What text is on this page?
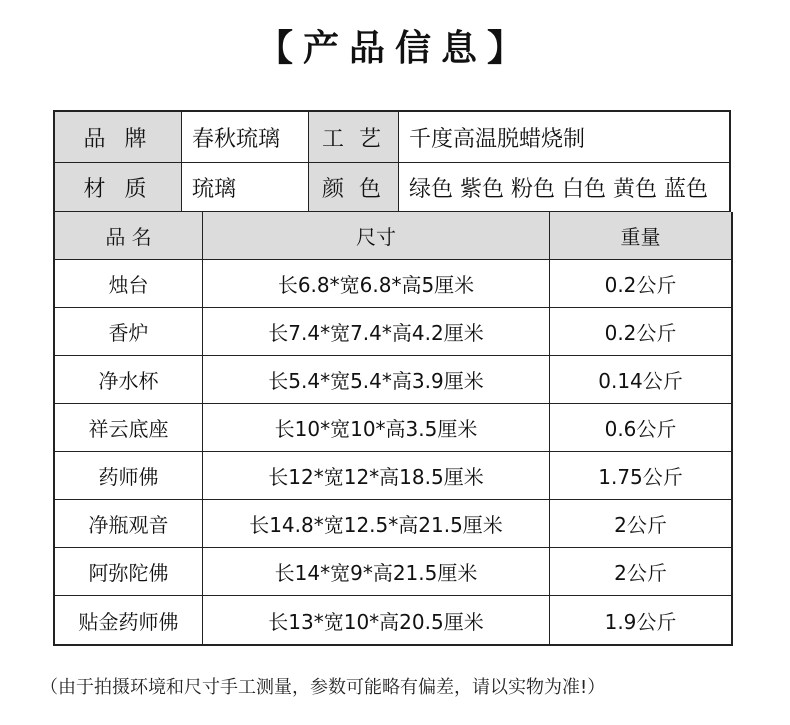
【产品信息】
品 牌	春秋琉璃	工 艺	千度高温脱蜡烧制
材 质	琉璃	颜 色	绿色 紫色 粉色 白色 黄色 蓝色
品 名	尺寸	重量
烛台	长6.8*宽6.8*高5厘米	0.2公斤
香炉	长7.4*宽7.4*高4.2厘米	0.2公斤
净水杯	长5.4*宽5.4*高3.9厘米	0.14公斤
祥云底座	长10*宽10*高3.5厘米	0.6公斤
药师佛	长12*宽12*高18.5厘米	1.75公斤
净瓶观音	长14.8*宽12.5*高21.5厘米	2公斤
阿弥陀佛	长14*宽9*高21.5厘米	2公斤
贴金药师佛	长13*宽10*高20.5厘米	1.9公斤
（由于拍摄环境和尺寸手工测量，参数可能略有偏差，请以实物为准!）
